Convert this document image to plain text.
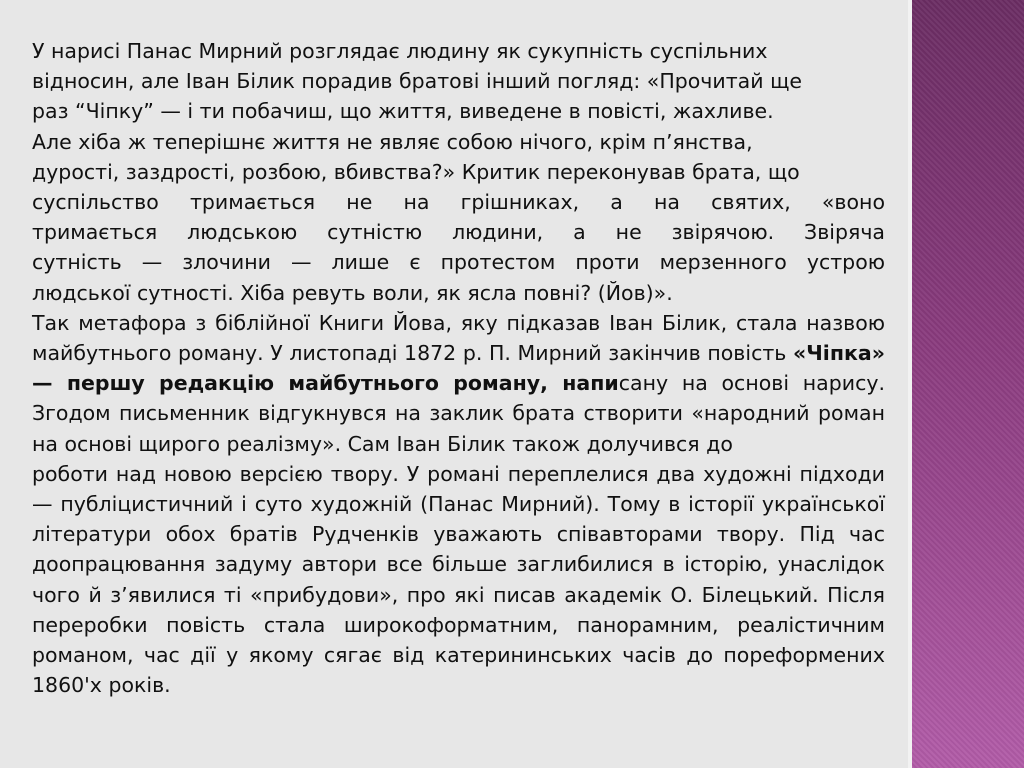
У нарисі Панас Мирний розглядає людину як сукупність суспільних
відносин, але Іван Білик порадив братові інший погляд: «Прочитай ще
раз “Чіпку” — і ти побачиш, що життя, виведене в повісті, жахливе.
Але хіба ж теперішнє життя не являє собою нічого, крім п’янства,
дурості, заздрості, розбою, вбивства?» Критик переконував брата, що
суспільство тримається не на грішниках, а на святих, «воно
тримається людською сутністю людини, а не звірячою. Звіряча
сутність — злочини — лише є протестом проти мерзенного устрою
людської сутності. Хіба ревуть воли, як ясла повні? (Йов)».

Так метафора з біблійної Книги Йова, яку підказав Іван Білик, стала назвою майбутнього роману. У листопаді 1872 р. П. Мирний закінчив повість «Чіпка» — першу редакцію майбутнього роману, написану на основі нарису. Згодом письменник відгукнувся на заклик брата створити «народний роман на основі щирого реалізму». Сам Іван Білик також долучився до

роботи над новою версією твору. У романі переплелися два художні підходи — публіцистичний і суто художній (Панас Мирний). Тому в історії української літератури обох братів Рудченків уважають співавторами твору. Під час доопрацювання задуму автори все більше заглибилися в історію, унаслідок чого й з’явилися ті «прибудови», про які писав академік О. Білецький. Після переробки повість стала широкоформатним, панорамним, реалістичним романом, час дії у якому сягає від катерининських часів до пореформених 1860'х років.
